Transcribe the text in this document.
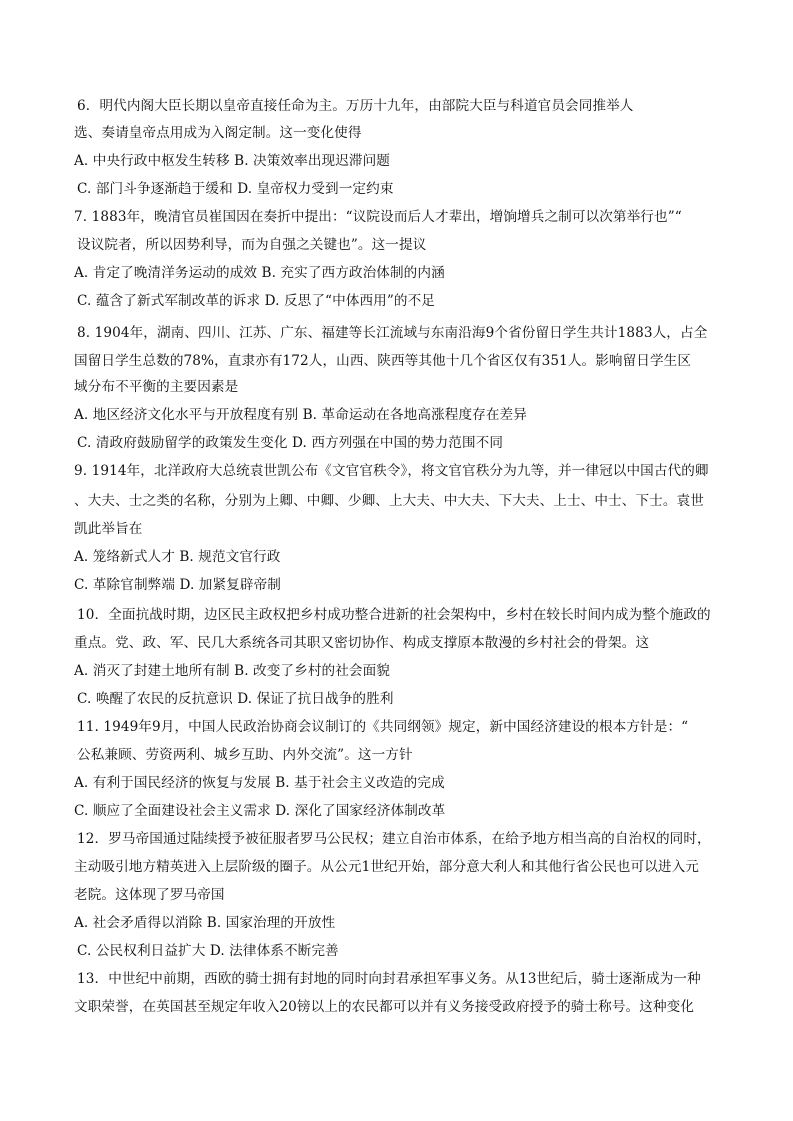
6．明代内阁大臣长期以皇帝直接任命为主。万历十九年，由部院大臣与科道官员会同推举人
选、奏请皇帝点用成为入阁定制。这一变化使得
A. 中央行政中枢发生转移 B. 决策效率出现迟滞问题
C. 部门斗争逐渐趋于缓和 D. 皇帝权力受到一定约束
7. 1883年，晚清官员崔国因在奏折中提出：“议院设而后人才辈出，增饷增兵之制可以次第举行也”“
设议院者，所以因势利导，而为自强之关键也”。这一提议
A. 肯定了晚清洋务运动的成效 B. 充实了西方政治体制的内涵
C. 蕴含了新式军制改革的诉求 D. 反思了“中体西用”的不足
8. 1904年，湖南、四川、江苏、广东、福建等长江流域与东南沿海9个省份留日学生共计1883人，占全
国留日学生总数的78%，直隶亦有172人，山西、陕西等其他十几个省区仅有351人。影响留日学生区
域分布不平衡的主要因素是
A. 地区经济文化水平与开放程度有别 B. 革命运动在各地高涨程度存在差异
C. 清政府鼓励留学的政策发生变化 D. 西方列强在中国的势力范围不同
9. 1914年，北洋政府大总统袁世凯公布《文官官秩令》，将文官官秩分为九等，并一律冠以中国古代的卿
、大夫、士之类的名称，分别为上卿、中卿、少卿、上大夫、中大夫、下大夫、上士、中士、下士。袁世
凯此举旨在
A. 笼络新式人才 B. 规范文官行政
C. 革除官制弊端 D. 加紧复辟帝制
10．全面抗战时期，边区民主政权把乡村成功整合进新的社会架构中，乡村在较长时间内成为整个施政的
重点。党、政、军、民几大系统各司其职又密切协作、构成支撑原本散漫的乡村社会的骨架。这
A. 消灭了封建土地所有制 B. 改变了乡村的社会面貌
C. 唤醒了农民的反抗意识 D. 保证了抗日战争的胜利
11. 1949年9月，中国人民政治协商会议制订的《共同纲领》规定，新中国经济建设的根本方针是：“
公私兼顾、劳资两利、城乡互助、内外交流”。这一方针
A. 有利于国民经济的恢复与发展 B. 基于社会主义改造的完成
C. 顺应了全面建设社会主义需求 D. 深化了国家经济体制改革
12．罗马帝国通过陆续授予被征服者罗马公民权；建立自治市体系，在给予地方相当高的自治权的同时，
主动吸引地方精英进入上层阶级的圈子。从公元1世纪开始，部分意大利人和其他行省公民也可以进入元
老院。这体现了罗马帝国
A. 社会矛盾得以消除 B. 国家治理的开放性
C. 公民权利日益扩大 D. 法律体系不断完善
13．中世纪中前期，西欧的骑士拥有封地的同时向封君承担军事义务。从13世纪后，骑士逐渐成为一种
文职荣誉，在英国甚至规定年收入20镑以上的农民都可以并有义务接受政府授予的骑士称号。这种变化
